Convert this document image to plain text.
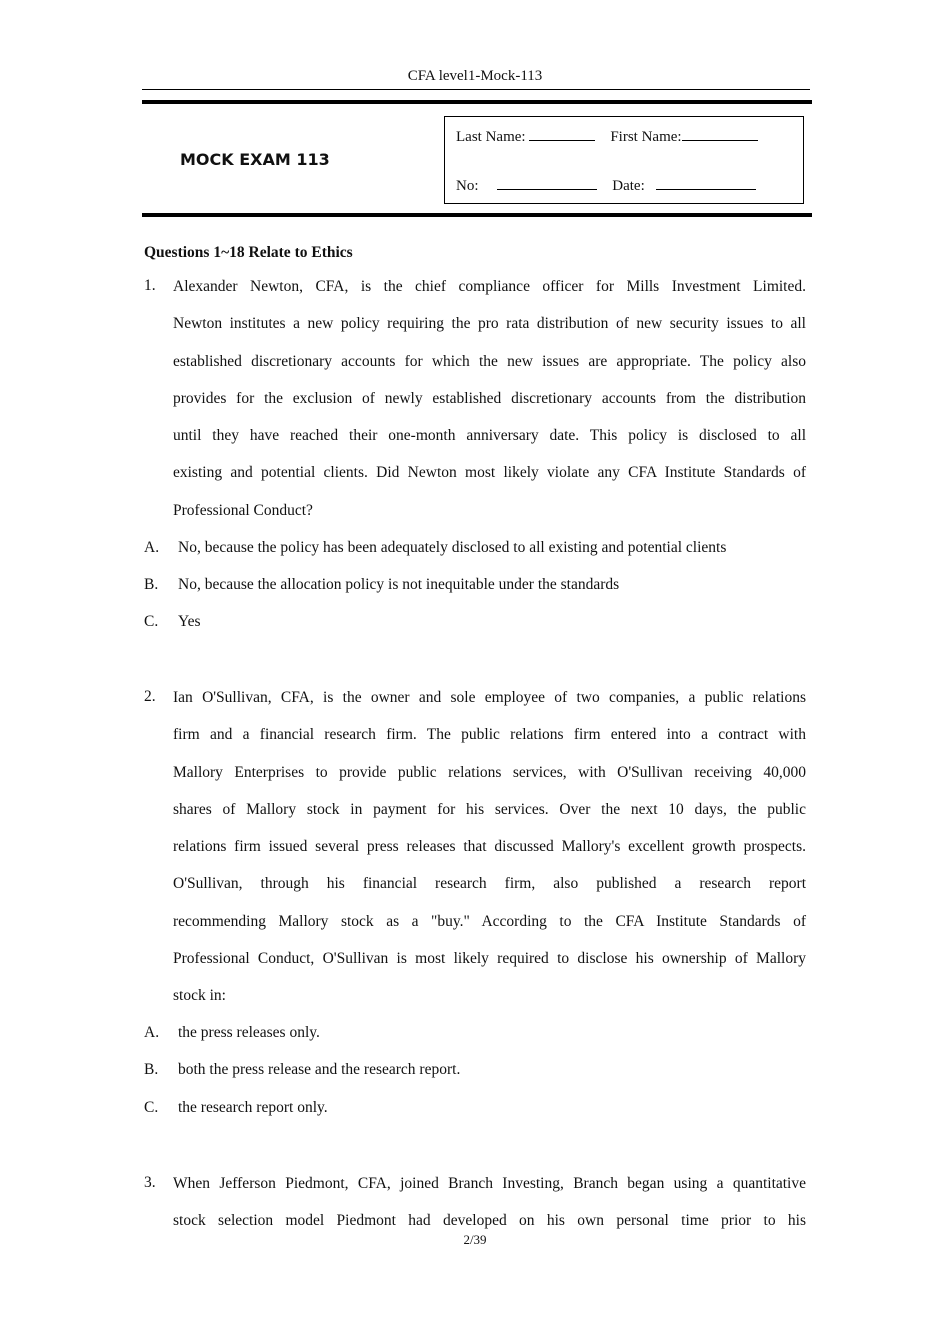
CFA level1-Mock-113
MOCK EXAM 113
Last Name:	First Name:
No:	Date:
Questions 1~18 Relate to Ethics
1. Alexander Newton, CFA, is the chief compliance officer for Mills Investment Limited.
Newton institutes a new policy requiring the pro rata distribution of new security issues to all
established discretionary accounts for which the new issues are appropriate. The policy also
provides for the exclusion of newly established discretionary accounts from the distribution
until they have reached their one-month anniversary date. This policy is disclosed to all
existing and potential clients. Did Newton most likely violate any CFA Institute Standards of
Professional Conduct?
A. No, because the policy has been adequately disclosed to all existing and potential clients
B. No, because the allocation policy is not inequitable under the standards
C. Yes
2. Ian O'Sullivan, CFA, is the owner and sole employee of two companies, a public relations
firm and a financial research firm. The public relations firm entered into a contract with
Mallory Enterprises to provide public relations services, with O'Sullivan receiving 40,000
shares of Mallory stock in payment for his services. Over the next 10 days, the public
relations firm issued several press releases that discussed Mallory's excellent growth prospects.
O'Sullivan, through his financial research firm, also published a research report
recommending Mallory stock as a "buy." According to the CFA Institute Standards of
Professional Conduct, O'Sullivan is most likely required to disclose his ownership of Mallory
stock in:
A. the press releases only.
B. both the press release and the research report.
C. the research report only.
3. When Jefferson Piedmont, CFA, joined Branch Investing, Branch began using a quantitative
stock selection model Piedmont had developed on his own personal time prior to his
2/39
